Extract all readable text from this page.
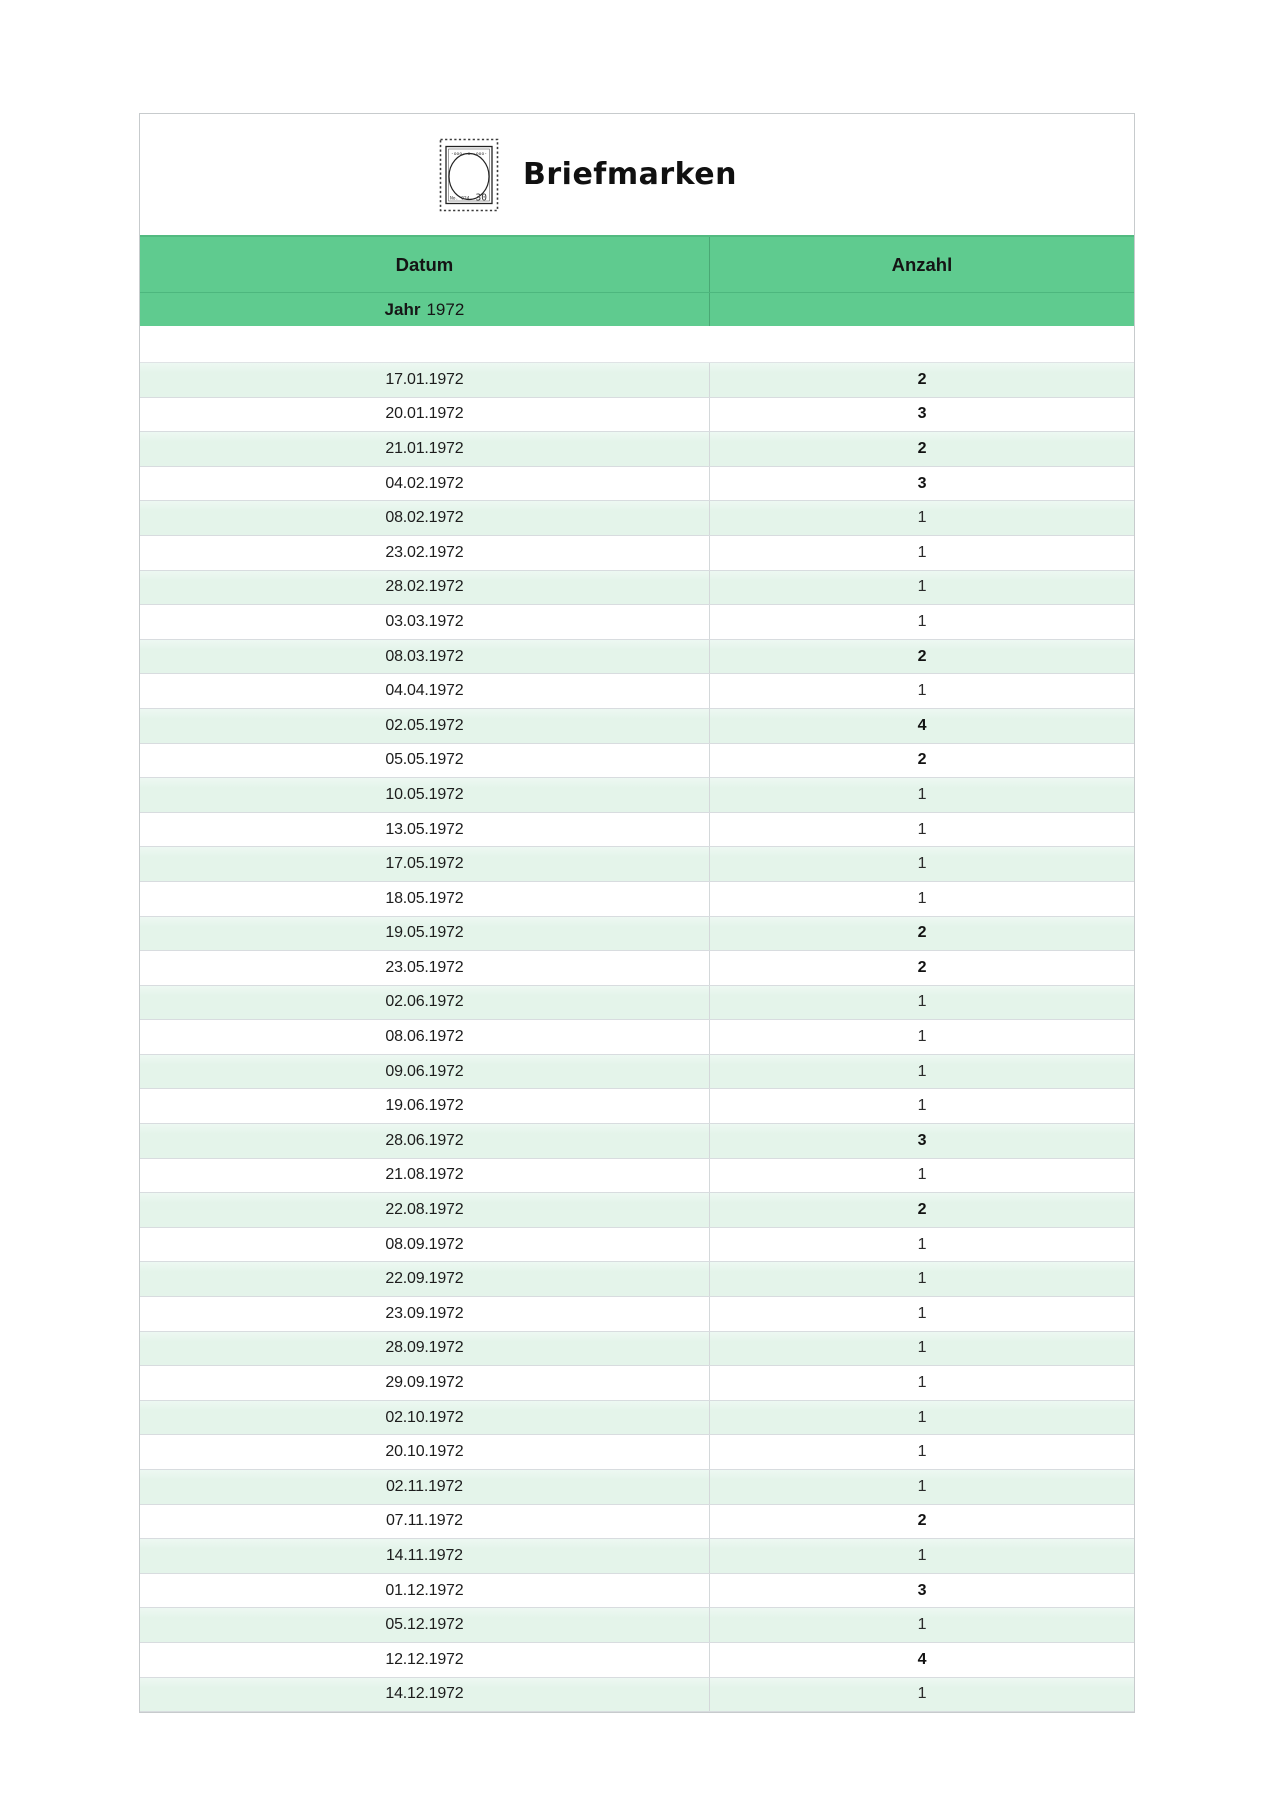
-ooo- o -ooo-
No. 024 30
Briefmarken
Datum	Anzahl
Jahr 1972
17.01.1972	2
20.01.1972	3
21.01.1972	2
04.02.1972	3
08.02.1972	1
23.02.1972	1
28.02.1972	1
03.03.1972	1
08.03.1972	2
04.04.1972	1
02.05.1972	4
05.05.1972	2
10.05.1972	1
13.05.1972	1
17.05.1972	1
18.05.1972	1
19.05.1972	2
23.05.1972	2
02.06.1972	1
08.06.1972	1
09.06.1972	1
19.06.1972	1
28.06.1972	3
21.08.1972	1
22.08.1972	2
08.09.1972	1
22.09.1972	1
23.09.1972	1
28.09.1972	1
29.09.1972	1
02.10.1972	1
20.10.1972	1
02.11.1972	1
07.11.1972	2
14.11.1972	1
01.12.1972	3
05.12.1972	1
12.12.1972	4
14.12.1972	1
